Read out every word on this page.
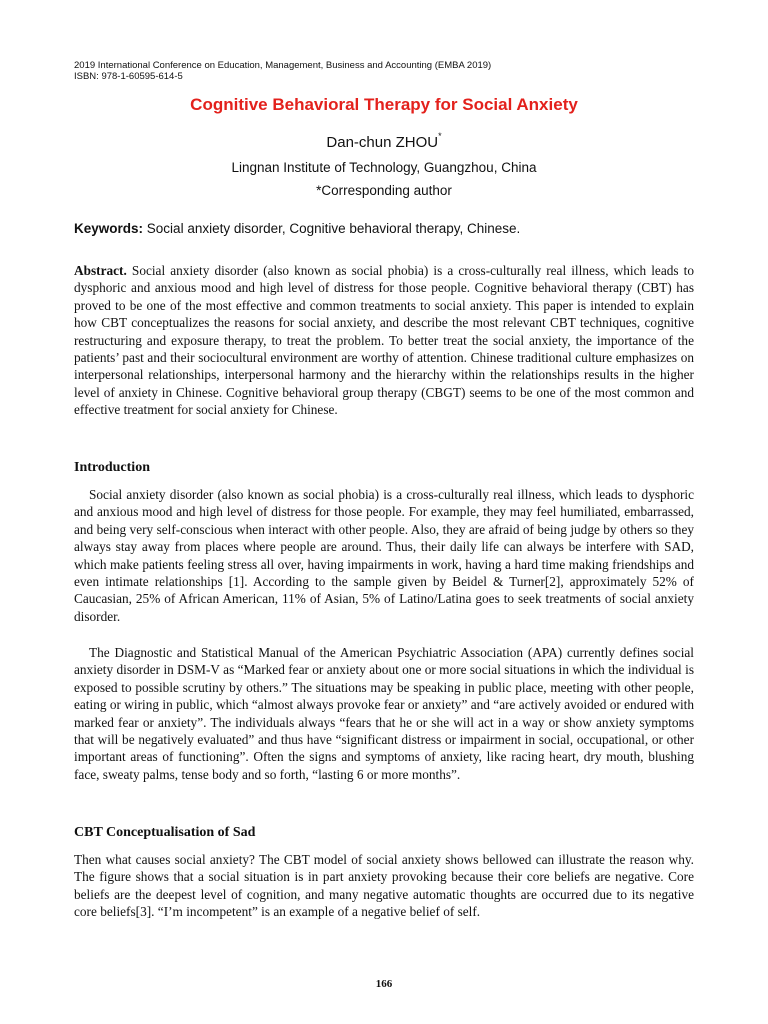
2019 International Conference on Education, Management, Business and Accounting (EMBA 2019)
ISBN: 978-1-60595-614-5
Cognitive Behavioral Therapy for Social Anxiety
Dan-chun ZHOU*
Lingnan Institute of Technology, Guangzhou, China
*Corresponding author
Keywords: Social anxiety disorder, Cognitive behavioral therapy, Chinese.

Abstract. Social anxiety disorder (also known as social phobia) is a cross-culturally real illness, which leads to dysphoric and anxious mood and high level of distress for those people. Cognitive behavioral therapy (CBT) has proved to be one of the most effective and common treatments to social anxiety. This paper is intended to explain how CBT conceptualizes the reasons for social anxiety, and describe the most relevant CBT techniques, cognitive restructuring and exposure therapy, to treat the problem. To better treat the social anxiety, the importance of the patients’ past and their sociocultural environment are worthy of attention. Chinese traditional culture emphasizes on interpersonal relationships, interpersonal harmony and the hierarchy within the relationships results in the higher level of anxiety in Chinese. Cognitive behavioral group therapy (CBGT) seems to be one of the most common and effective treatment for social anxiety for Chinese.

Introduction

Social anxiety disorder (also known as social phobia) is a cross-culturally real illness, which leads to dysphoric and anxious mood and high level of distress for those people. For example, they may feel humiliated, embarrassed, and being very self-conscious when interact with other people. Also, they are afraid of being judge by others so they always stay away from places where people are around. Thus, their daily life can always be interfere with SAD, which make patients feeling stress all over, having impairments in work, having a hard time making friendships and even intimate relationships [1]. According to the sample given by Beidel & Turner[2], approximately 52% of Caucasian, 25% of African American, 11% of Asian, 5% of Latino/Latina goes to seek treatments of social anxiety disorder.

The Diagnostic and Statistical Manual of the American Psychiatric Association (APA) currently defines social anxiety disorder in DSM-V as “Marked fear or anxiety about one or more social situations in which the individual is exposed to possible scrutiny by others.” The situations may be speaking in public place, meeting with other people, eating or wiring in public, which “almost always provoke fear or anxiety” and “are actively avoided or endured with marked fear or anxiety”. The individuals always “fears that he or she will act in a way or show anxiety symptoms that will be negatively evaluated” and thus have “significant distress or impairment in social, occupational, or other important areas of functioning”. Often the signs and symptoms of anxiety, like racing heart, dry mouth, blushing face, sweaty palms, tense body and so forth, “lasting 6 or more months”.

CBT Conceptualisation of Sad

Then what causes social anxiety? The CBT model of social anxiety shows bellowed can illustrate the reason why. The figure shows that a social situation is in part anxiety provoking because their core beliefs are negative. Core beliefs are the deepest level of cognition, and many negative automatic thoughts are occurred due to its negative core beliefs[3]. “I’m incompetent” is an example of a negative belief of self.

166
